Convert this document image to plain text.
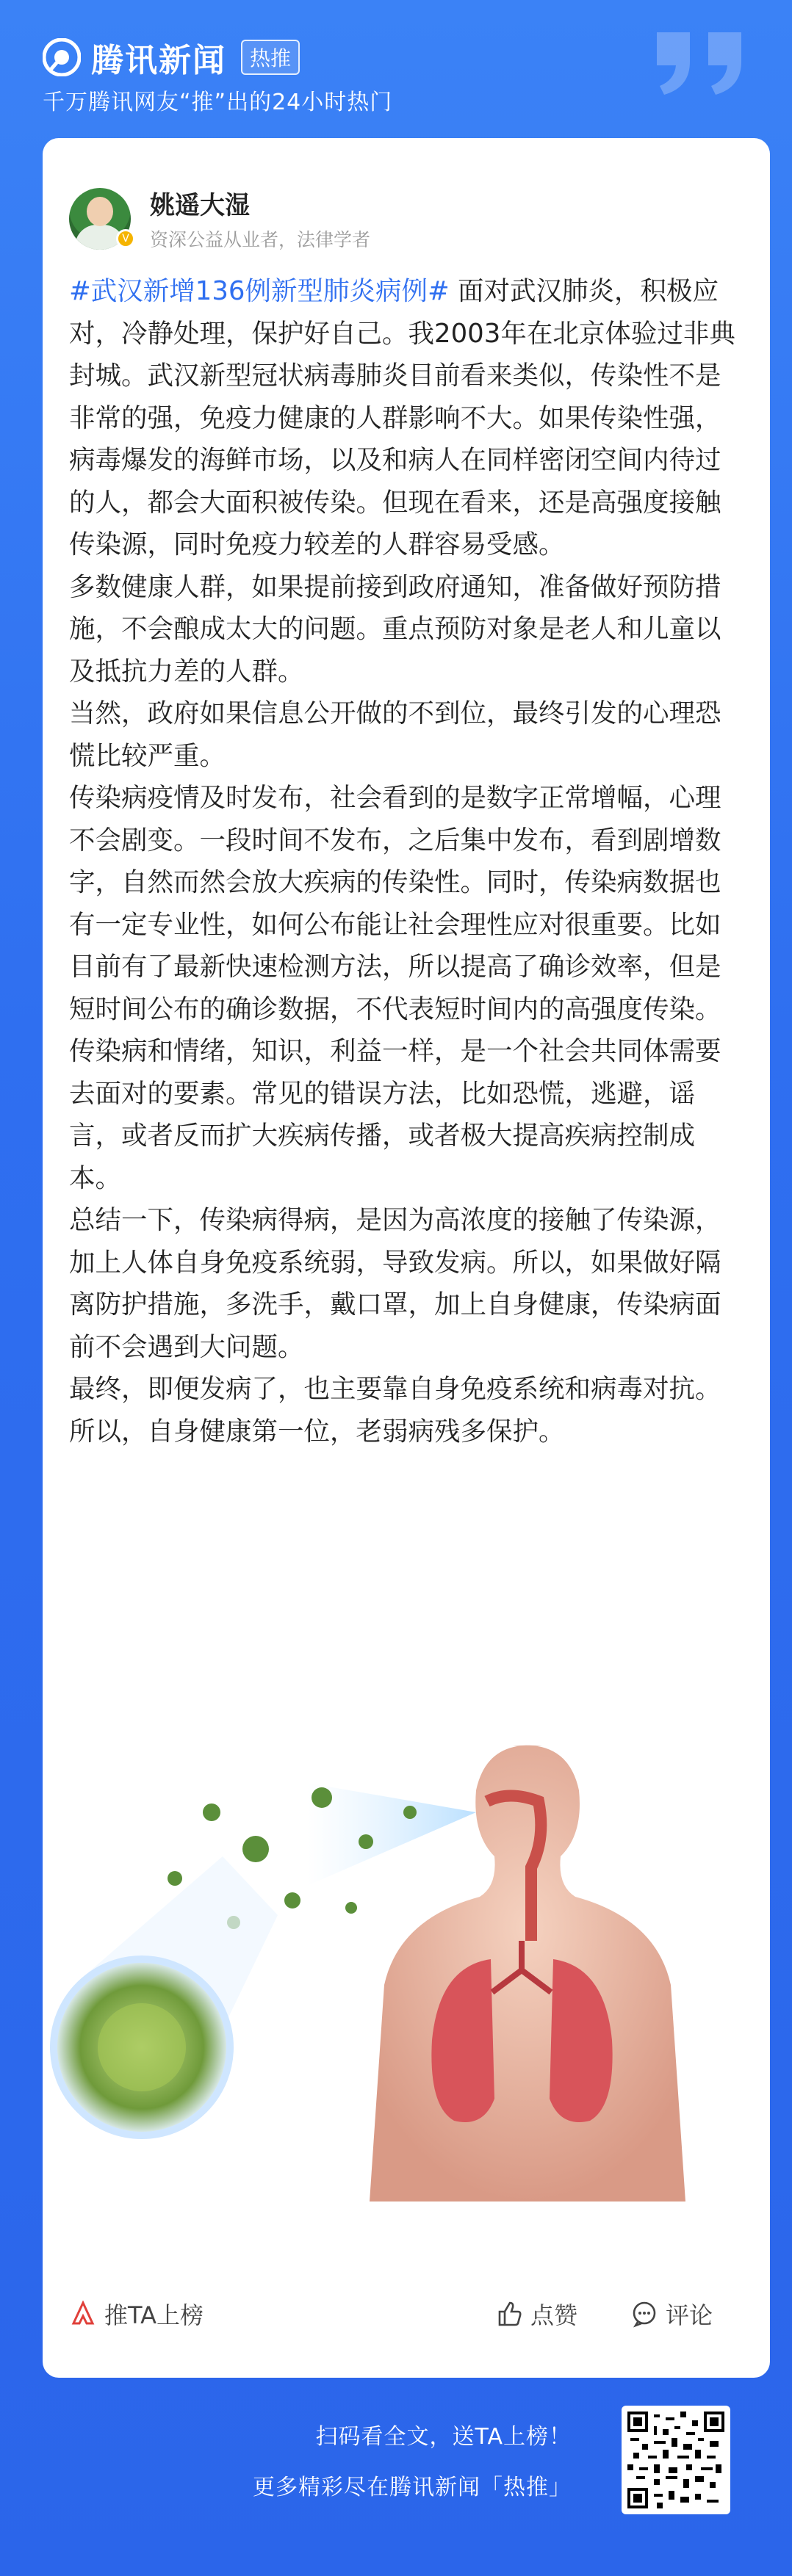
腾讯新闻	热推
千万腾讯网友“推”出的24小时热门
V
姚遥大湿
资深公益从业者，法律学者
#武汉新增136例新型肺炎病例# 面对武汉肺炎，积极应对，冷静处理，保护好自己。我2003年在北京体验过非典封城。武汉新型冠状病毒肺炎目前看来类似，传染性不是非常的强，免疫力健康的人群影响不大。如果传染性强，病毒爆发的海鲜市场，以及和病人在同样密闭空间内待过的人，都会大面积被传染。但现在看来，还是高强度接触传染源，同时免疫力较差的人群容易受感。
多数健康人群，如果提前接到政府通知，准备做好预防措施，不会酿成太大的问题。重点预防对象是老人和儿童以及抵抗力差的人群。
当然，政府如果信息公开做的不到位，最终引发的心理恐慌比较严重。
传染病疫情及时发布，社会看到的是数字正常增幅，心理不会剧变。一段时间不发布，之后集中发布，看到剧增数字，自然而然会放大疾病的传染性。同时，传染病数据也有一定专业性，如何公布能让社会理性应对很重要。比如目前有了最新快速检测方法，所以提高了确诊效率，但是短时间公布的确诊数据，不代表短时间内的高强度传染。
传染病和情绪，知识，利益一样，是一个社会共同体需要去面对的要素。常见的错误方法，比如恐慌，逃避，谣言，或者反而扩大疾病传播，或者极大提高疾病控制成本。
总结一下，传染病得病，是因为高浓度的接触了传染源，加上人体自身免疫系统弱，导致发病。所以，如果做好隔离防护措施，多洗手，戴口罩，加上自身健康，传染病面前不会遇到大问题。
最终，即便发病了，也主要靠自身免疫系统和病毒对抗。所以，自身健康第一位，老弱病残多保护。
推TA上榜	点赞	评论
扫码看全文，送TA上榜！
更多精彩尽在腾讯新闻「热推」
